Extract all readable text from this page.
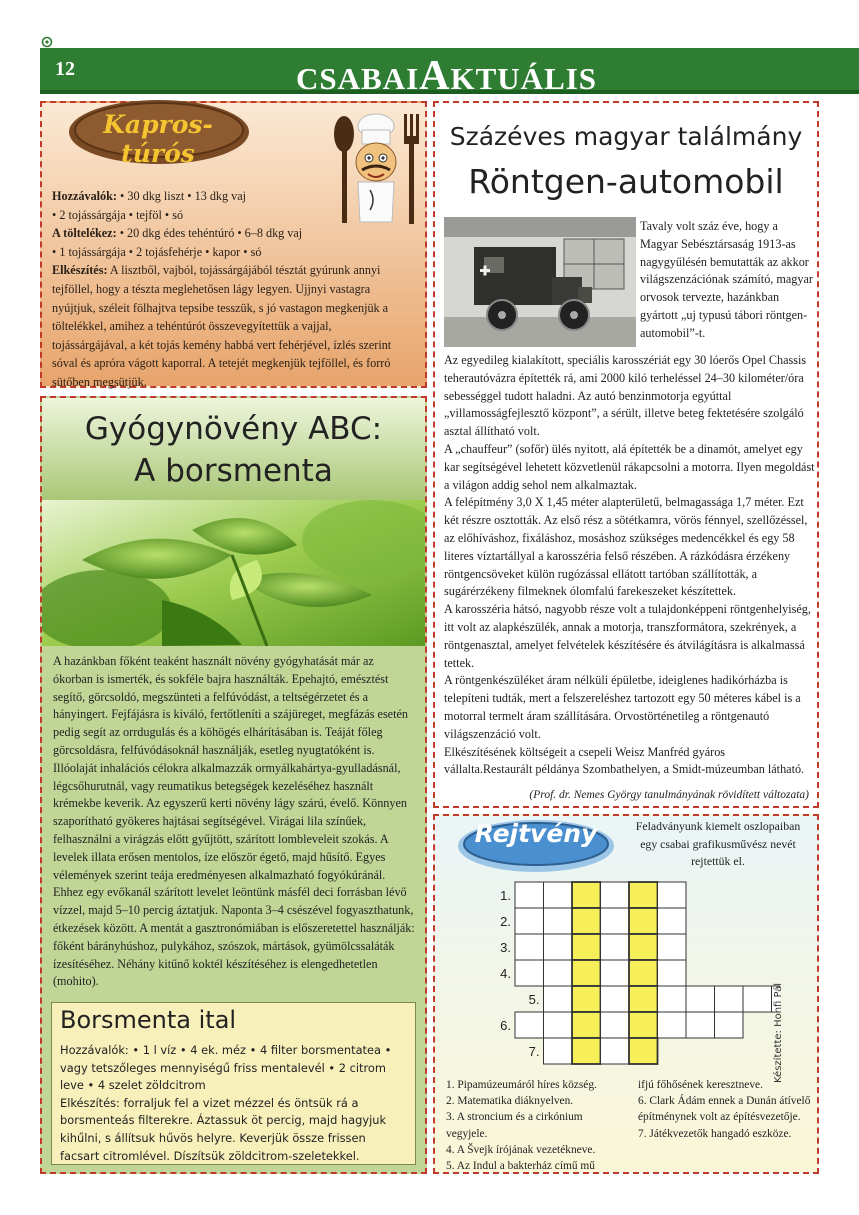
12	CSABAIAKTUÁLIS
Kapros-túrós
Hozzávalók: • 30 dkg liszt • 13 dkg vaj
• 2 tojássárgája • tejföl • só
A töltelékez: • 20 dkg édes tehéntúró • 6–8 dkg vaj
• 1 tojássárgája • 2 tojásfehérje • kapor • só
Elkészítés: A lisztből, vajból, tojássárgájából tésztát gyúrunk annyi tejföllel, hogy a tészta meglehetősen lágy legyen. Ujjnyi vastagra nyújtjuk, széleit fölhajtva tepsibe tesszük, s jó vastagon megkenjük a töltelékkel, amihez a tehéntúrót összevegyítettük a vajjal, tojássárgájával, a két tojás kemény habbá vert fehérjével, ízlés szerint sóval és apróra vágott kaporral. A tetejét megkenjük tejföllel, és forró sütőben megsütjük.
Gyógynövény ABC:
A borsmenta
A hazánkban főként teaként használt növény gyógyhatását már az ókorban is ismerték, és sokféle bajra használták. Epehajtó, emésztést segítő, görcsoldó, megszünteti a felfúvódást, a teltségérzetet és a hányingert. Fejfájásra is kiváló, fertőtleníti a szájüreget, megfázás esetén pedig segít az orrdugulás és a köhögés elhárításában is. Teáját főleg görcsoldásra, felfúvódásoknál használják, esetleg nyugtatóként is. Illóolaját inhalációs célokra alkalmazzák ormyálkahártya-gyulladásnál, légcsőhurutnál, vagy reumatikus betegségek kezeléséhez használt krémekbe keverik. Az egyszerű kerti növény lágy szárú, évelő. Könnyen szaporítható gyökeres hajtásai segítségével. Virágai lila színűek, felhasználni a virágzás előtt gyűjtött, szárított lombleveleit szokás. A levelek illata erősen mentolos, íze először égető, majd hűsítő. Egyes vélemények szerint teája eredményesen alkalmazható fogyókúránál. Ehhez egy evőkanál szárított levelet leöntünk másfél deci forrásban lévő vízzel, majd 5–10 percig áztatjuk. Naponta 3–4 csészével fogyaszthatunk, étkezések között. A mentát a gasztronómiában is előszeretettel használják: főként bárányhúshoz, pulykához, szószok, mártások, gyümölcssaláták ízesítéséhez. Néhány kitűnő koktél készítéséhez is elengedhetetlen (mohito).
Borsmenta ital
Hozzávalók: • 1 l víz • 4 ek. méz • 4 filter borsmentatea • vagy tetszőleges mennyiségű friss mentalevél • 2 citrom leve • 4 szelet zöldcitrom
Elkészítés: forraljuk fel a vizet mézzel és öntsük rá a borsmenteás filterekre. Áztassuk öt percig, majd hagyjuk kihűlni, s állítsuk hűvös helyre. Keverjük össze frissen facsart citromlével. Díszítsük zöldcitrom-szeletekkel.
Százéves magyar találmány
Röntgen-automobil
Tavaly volt száz éve, hogy a Magyar Sebésztársaság 1913-as nagygyűlésén bemutatták az akkor világszenzációnak számító, magyar orvosok tervezte, hazánkban gyártott „uj typusú tábori röntgen-automobil”-t.
Az egyedileg kialakított, speciális karosszériát egy 30 lóerős Opel Chassis teherautóvázra építették rá, ami 2000 kiló terheléssel 24–30 kilométer/óra sebességgel tudott haladni. Az autó benzinmotorja egyúttal „villamosságfejlesztő központ”, a sérült, illetve beteg fektetésére szolgáló asztal állítható volt.
A „chauffeur” (sofőr) ülés nyitott, alá építették be a dinamót, amelyet egy kar segítségével lehetett közvetlenül rákapcsolni a motorra. Ilyen megoldást a világon addig sehol nem alkalmaztak.
A felépítmény 3,0 X 1,45 méter alapterületű, belmagassága 1,7 méter. Ezt két részre osztották. Az első rész a sötétkamra, vörös fénnyel, szellőzéssel, az előhíváshoz, fixáláshoz, mosáshoz szükséges medencékkel és egy 58 literes víztartállyal a karosszéria felső részében. A rázkódásra érzékeny röntgencsöveket külön rugózással ellátott tartóban szállították, a sugárérzékeny filmeknek ólomfalú farekeszeket készítettek.
A karosszéria hátsó, nagyobb része volt a tulajdonképpeni röntgenhelyiség, itt volt az alapkészülék, annak a motorja, transzformátora, szekrények, a röntgenasztal, amelyet felvételek készítésére és átvilágításra is alkalmassá tettek.
A röntgenkészüléket áram nélküli épületbe, ideiglenes hadikórházba is telepíteni tudták, mert a felszereléshez tartozott egy 50 méteres kábel is a motorral termelt áram szállítására. Orvostörténetileg a röntgenautó világszenzáció volt.
Elkészítésének költségeit a csepeli Weisz Manfréd gyáros vállalta.Restaurált példánya Szombathelyen, a Smidt-múzeumban látható.
(Prof. dr. Nemes György tanulmányának rövidített változata)
Rejtvény	Feladványunk kiemelt oszlopaiban egy csabai grafikusművész nevét rejtettük el.
1.
2.
3.
4.
5.
6.
7.	Készítette: Honfi Pál
1. Pipamúzeumáról híres község.
2. Matematika diáknyelven.
3. A stroncium és a cirkónium vegyjele.
4. A Švejk írójának vezetékneve.
5. Az Indul a bakterház című mű
ifjú főhősének keresztneve.
6. Clark Ádám ennek a Dunán átívelő építménynek volt az építésvezetője.
7. Játékvezetők hangadó eszköze.
